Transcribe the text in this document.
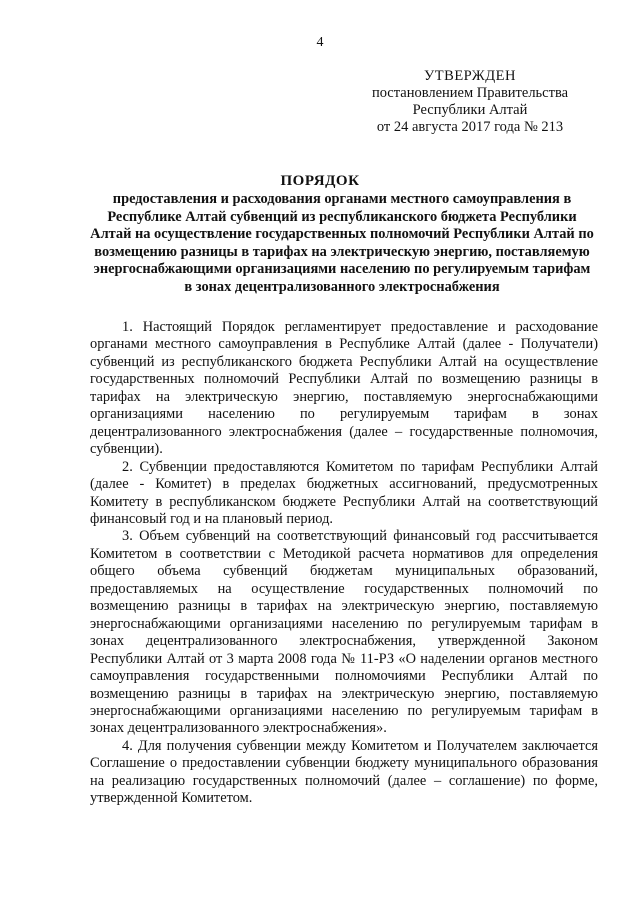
4
УТВЕРЖДЕН
постановлением Правительства
Республики Алтай
от 24 августа 2017 года № 213
ПОРЯДОК
предоставления и расходования органами местного самоуправления в Республике Алтай субвенций из республиканского бюджета Республики Алтай на осуществление государственных полномочий Республики Алтай по возмещению разницы в тарифах на электрическую энергию, поставляемую энергоснабжающими организациями населению по регулируемым тарифам в зонах децентрализованного электроснабжения

1. Настоящий Порядок регламентирует предоставление и расходование органами местного самоуправления в Республике Алтай (далее - Получатели) субвенций из республиканского бюджета Республики Алтай на осуществление государственных полномочий Республики Алтай по возмещению разницы в тарифах на электрическую энергию, поставляемую энергоснабжающими организациями населению по регулируемым тарифам в зонах децентрализованного электроснабжения (далее – государственные полномочия, субвенции).

2. Субвенции предоставляются Комитетом по тарифам Республики Алтай (далее - Комитет) в пределах бюджетных ассигнований, предусмотренных Комитету в республиканском бюджете Республики Алтай на соответствующий финансовый год и на плановый период.

3. Объем субвенций на соответствующий финансовый год рассчитывается Комитетом в соответствии с Методикой расчета нормативов для определения общего объема субвенций бюджетам муниципальных образований, предоставляемых на осуществление государственных полномочий по возмещению разницы в тарифах на электрическую энергию, поставляемую энергоснабжающими организациями населению по регулируемым тарифам в зонах децентрализованного электроснабжения, утвержденной Законом Республики Алтай от 3 марта 2008 года № 11-РЗ «О наделении органов местного самоуправления государственными полномочиями Республики Алтай по возмещению разницы в тарифах на электрическую энергию, поставляемую энергоснабжающими организациями населению по регулируемым тарифам в зонах децентрализованного электроснабжения».

4. Для получения субвенции между Комитетом и Получателем заключается Соглашение о предоставлении субвенции бюджету муниципального образования на реализацию государственных полномочий (далее – соглашение) по форме, утвержденной Комитетом.
